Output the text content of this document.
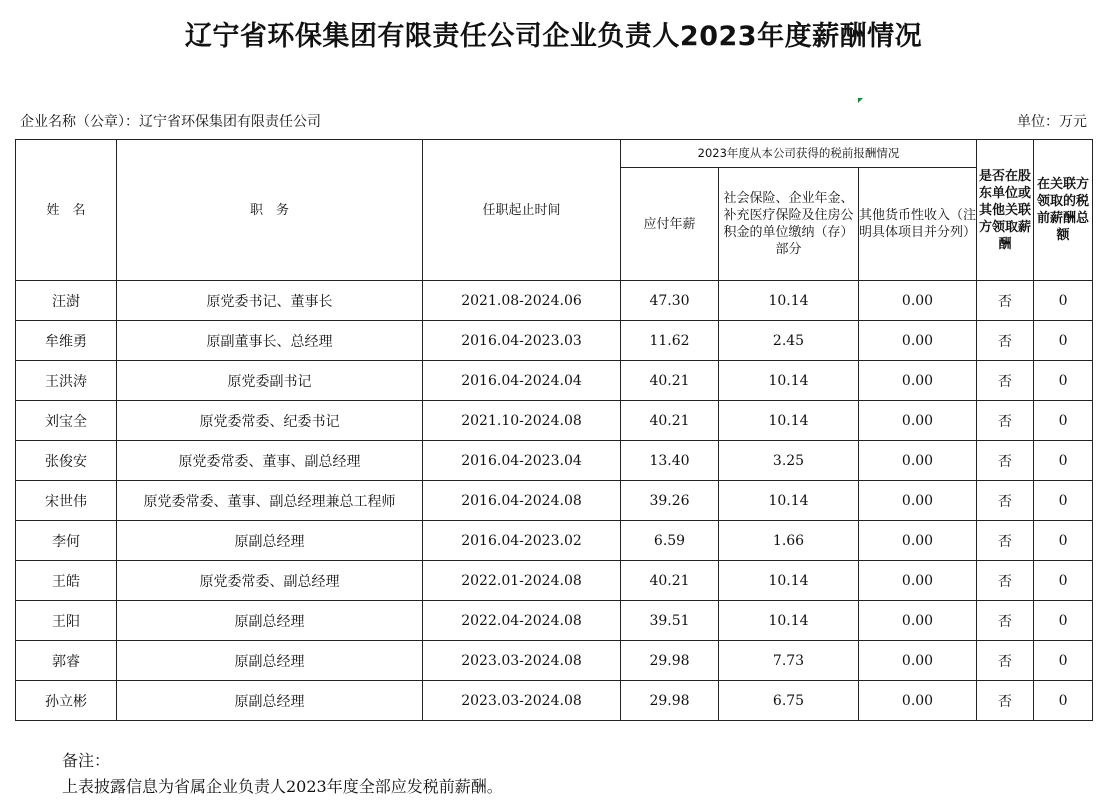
辽宁省环保集团有限责任公司企业负责人2023年度薪酬情况
企业名称（公章）：辽宁省环保集团有限责任公司	单位：万元
姓　名	职　务	任职起止时间	2023年度从本公司获得的税前报酬情况			是否在股东单位或其他关联方领取薪酬	在关联方领取的税前薪酬总额
			应付年薪	社会保险、企业年金、补充医疗保险及住房公积金的单位缴纳（存）部分	其他货币性收入（注明具体项目并分列）		
汪澍	原党委书记、董事长	2021.08-2024.06	47.30	10.14	0.00	否	0
牟维勇	原副董事长、总经理	2016.04-2023.03	11.62	2.45	0.00	否	0
王洪涛	原党委副书记	2016.04-2024.04	40.21	10.14	0.00	否	0
刘宝全	原党委常委、纪委书记	2021.10-2024.08	40.21	10.14	0.00	否	0
张俊安	原党委常委、董事、副总经理	2016.04-2023.04	13.40	3.25	0.00	否	0
宋世伟	原党委常委、董事、副总经理兼总工程师	2016.04-2024.08	39.26	10.14	0.00	否	0
李何	原副总经理	2016.04-2023.02	6.59	1.66	0.00	否	0
王皓	原党委常委、副总经理	2022.01-2024.08	40.21	10.14	0.00	否	0
王阳	原副总经理	2022.04-2024.08	39.51	10.14	0.00	否	0
郭睿	原副总经理	2023.03-2024.08	29.98	7.73	0.00	否	0
孙立彬	原副总经理	2023.03-2024.08	29.98	6.75	0.00	否	0
备注：
上表披露信息为省属企业负责人2023年度全部应发税前薪酬。
